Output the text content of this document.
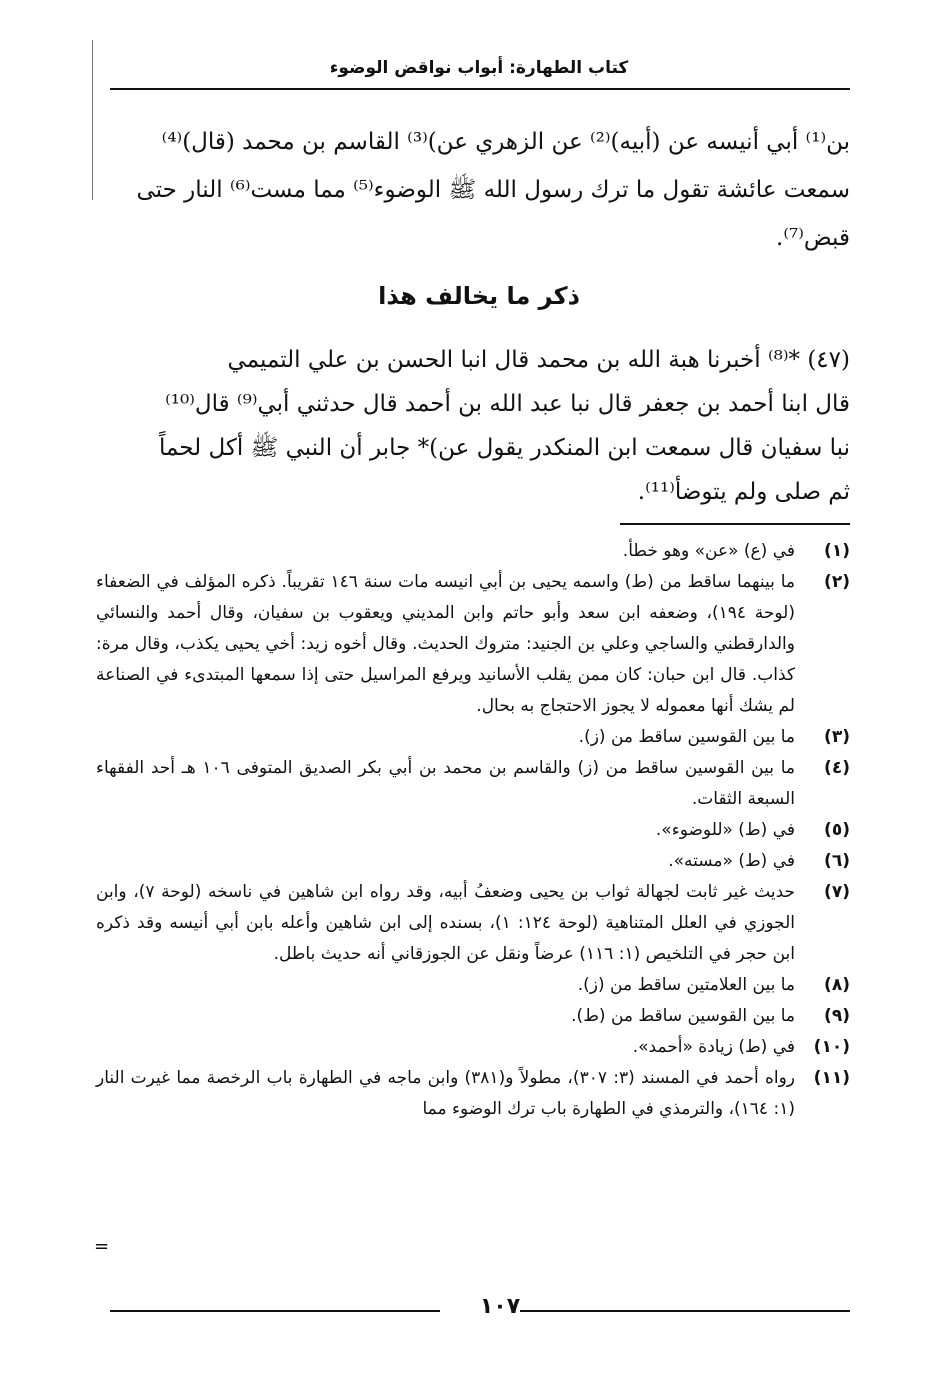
كتاب الطهارة: أبواب نواقض الوضوء

بن⁽¹⁾ أبي أنيسه عن (أبيه)⁽²⁾ عن الزهري عن)⁽³⁾ القاسم بن محمد (قال)⁽⁴⁾

سمعت عائشة تقول ما ترك رسول الله ﷺ الوضوء⁽⁵⁾ مما مست⁽⁶⁾ النار حتى

قبض⁽⁷⁾.

ذكر ما يخالف هذا
(٤٧) *⁽⁸⁾ أخبرنا هبة الله بن محمد قال انبا الحسن بن علي التميمي
قال ابنا أحمد بن جعفر قال نبا عبد الله بن أحمد قال حدثني أبي⁽⁹⁾ قال⁽¹⁰⁾
نبا سفيان قال سمعت ابن المنكدر يقول عن)* جابر أن النبي ﷺ أكل لحماً
ثم صلى ولم يتوضأ⁽¹¹⁾.
(١)
في (ع) «عن» وهو خطأ.
(٢)
ما بينهما ساقط من (ط) واسمه يحيى بن أبي انيسه مات سنة ١٤٦ تقريباً. ذكره المؤلف في الضعفاء (لوحة ١٩٤)، وضعفه ابن سعد وأبو حاتم وابن المديني ويعقوب بن سفيان، وقال أحمد والنسائي والدارقطني والساجي وعلي بن الجنيد: متروك الحديث. وقال أخوه زيد: أخي يحيى يكذب، وقال مرة: كذاب. قال ابن حبان: كان ممن يقلب الأسانيد ويرفع المراسيل حتى إذا سمعها المبتدىء في الصناعة لم يشك أنها معموله لا يجوز الاحتجاج به بحال.
(٣)
ما بين القوسين ساقط من (ز).
(٤)
ما بين القوسين ساقط من (ز) والقاسم بن محمد بن أبي بكر الصديق المتوفى ١٠٦ هـ أحد الفقهاء السبعة الثقات.
(٥)
في (ط) «للوضوء».
(٦)
في (ط) «مسته».
(٧)
حديث غير ثابت لجهالة ثواب بن يحيى وضعفُ أبيه، وقد رواه ابن شاهين في ناسخه (لوحة ٧)، وابن الجوزي في العلل المتناهية (لوحة ١٢٤: ١)، بسنده إلى ابن شاهين وأعله بابن أبي أنيسه وقد ذكره ابن حجر في التلخيص (١: ١١٦) عرضاً ونقل عن الجوزقاني أنه حديث باطل.
(٨)
ما بين العلامتين ساقط من (ز).
(٩)
ما بين القوسين ساقط من (ط).
(١٠)
في (ط) زيادة «أحمد».
(١١)
رواه أحمد في المسند (٣: ٣٠٧)، مطولاً و(٣٨١) وابن ماجه في الطهارة باب الرخصة مما غيرت النار (١: ١٦٤)، والترمذي في الطهارة باب ترك الوضوء مما
=
١٠٧
